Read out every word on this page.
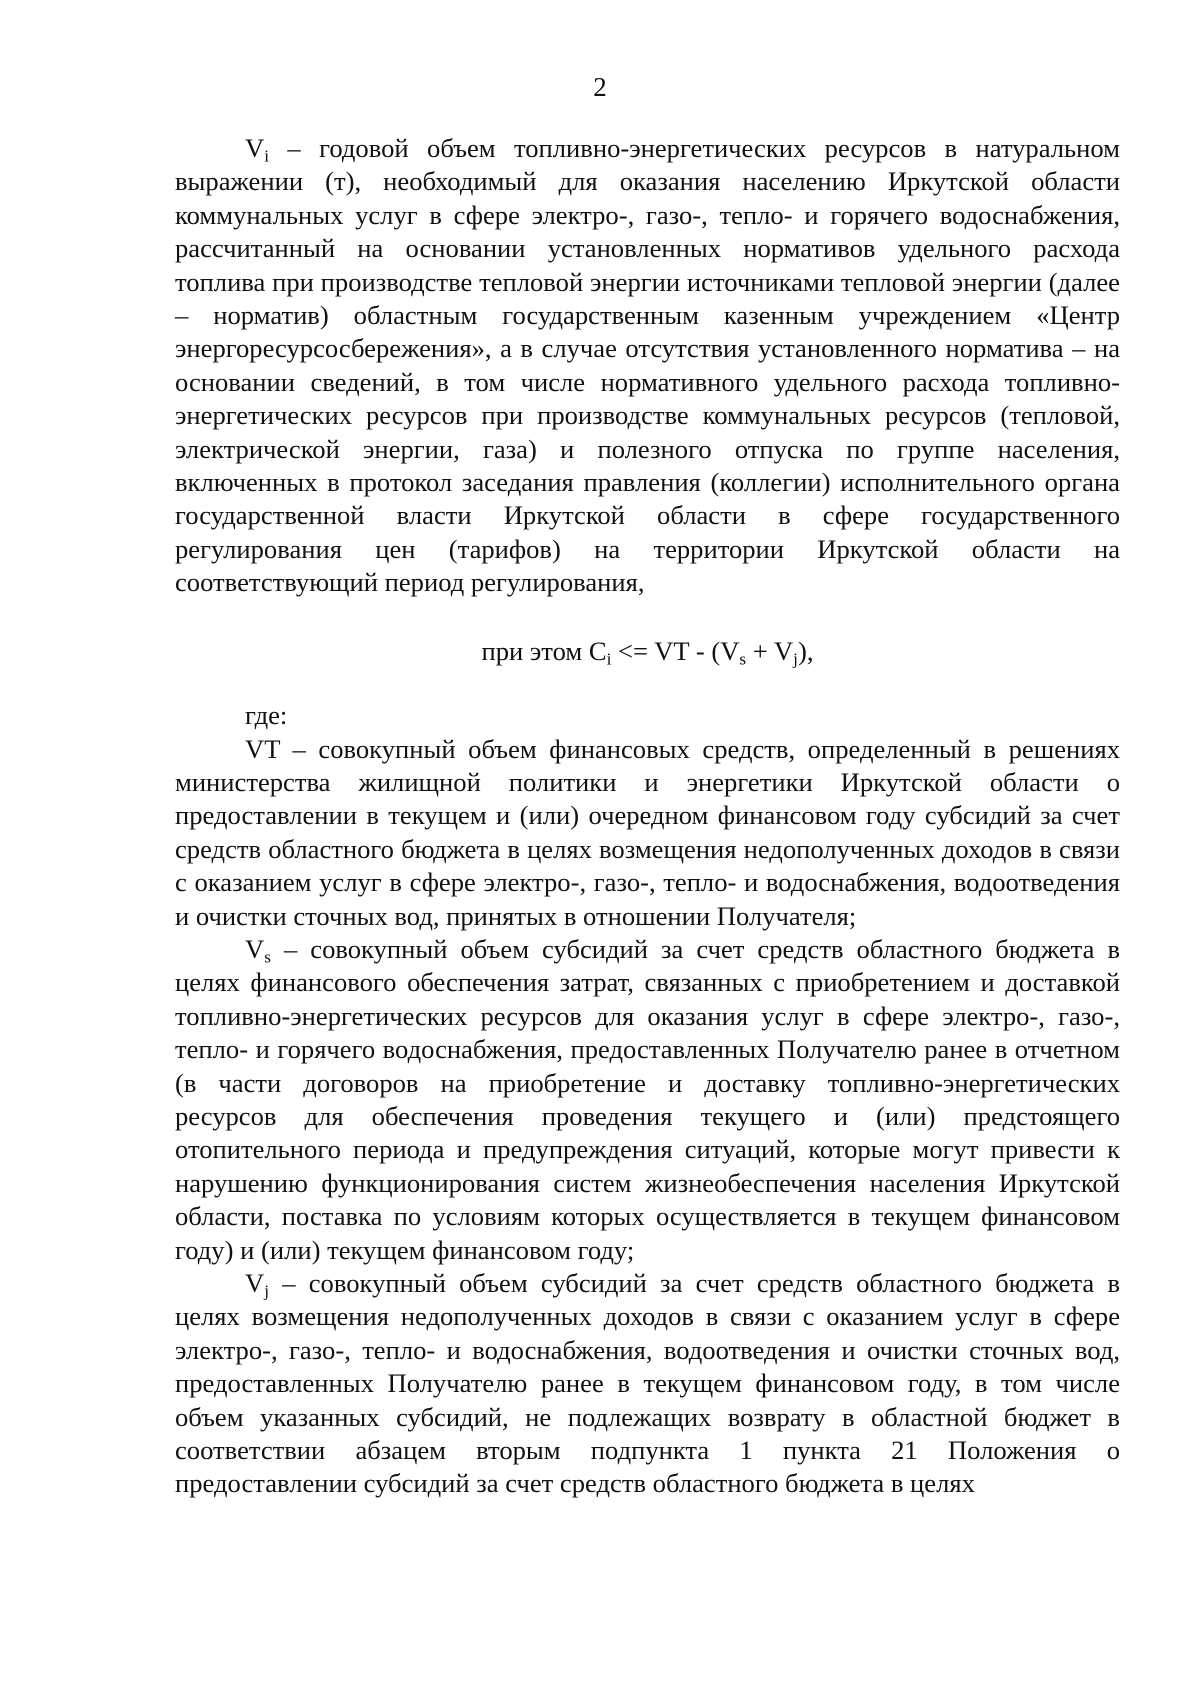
2

$V_i$ – годовой объем топливно-энергетических ресурсов в натуральном выражении (т), необходимый для оказания населению Иркутской области коммунальных услуг в сфере электро-, газо-, тепло- и горячего водоснабжения, рассчитанный на основании установленных нормативов удельного расхода топлива при производстве тепловой энергии источниками тепловой энергии (далее – норматив) областным государственным казенным учреждением «Центр энергоресурсосбережения», а в случае отсутствия установленного норматива – на основании сведений, в том числе нормативного удельного расхода топливно-энергетических ресурсов при производстве коммунальных ресурсов (тепловой, электрической энергии, газа) и полезного отпуска по группе населения, включенных в протокол заседания правления (коллегии) исполнительного органа государственной власти Иркутской области в сфере государственного регулирования цен (тарифов) на территории Иркутской области на соответствующий период регулирования,

при этом $C_i$ <= VT - $(V_s + V_j)$,

где:

VT – совокупный объем финансовых средств, определенный в решениях министерства жилищной политики и энергетики Иркутской области о предоставлении в текущем и (или) очередном финансовом году субсидий за счет средств областного бюджета в целях возмещения недополученных доходов в связи с оказанием услуг в сфере электро-, газо-, тепло- и водоснабжения, водоотведения и очистки сточных вод, принятых в отношении Получателя;

$V_s$ – совокупный объем субсидий за счет средств областного бюджета в целях финансового обеспечения затрат, связанных с приобретением и доставкой топливно-энергетических ресурсов для оказания услуг в сфере электро-, газо-, тепло- и горячего водоснабжения, предоставленных Получателю ранее в отчетном (в части договоров на приобретение и доставку топливно-энергетических ресурсов для обеспечения проведения текущего и (или) предстоящего отопительного периода и предупреждения ситуаций, которые могут привести к нарушению функционирования систем жизнеобеспечения населения Иркутской области, поставка по условиям которых осуществляется в текущем финансовом году) и (или) текущем финансовом году;

$V_j$ – совокупный объем субсидий за счет средств областного бюджета в целях возмещения недополученных доходов в связи с оказанием услуг в сфере электро-, газо-, тепло- и водоснабжения, водоотведения и очистки сточных вод, предоставленных Получателю ранее в текущем финансовом году, в том числе объем указанных субсидий, не подлежащих возврату в областной бюджет в соответствии абзацем вторым подпункта 1 пункта 21 Положения о предоставлении субсидий за счет средств областного бюджета в целях
